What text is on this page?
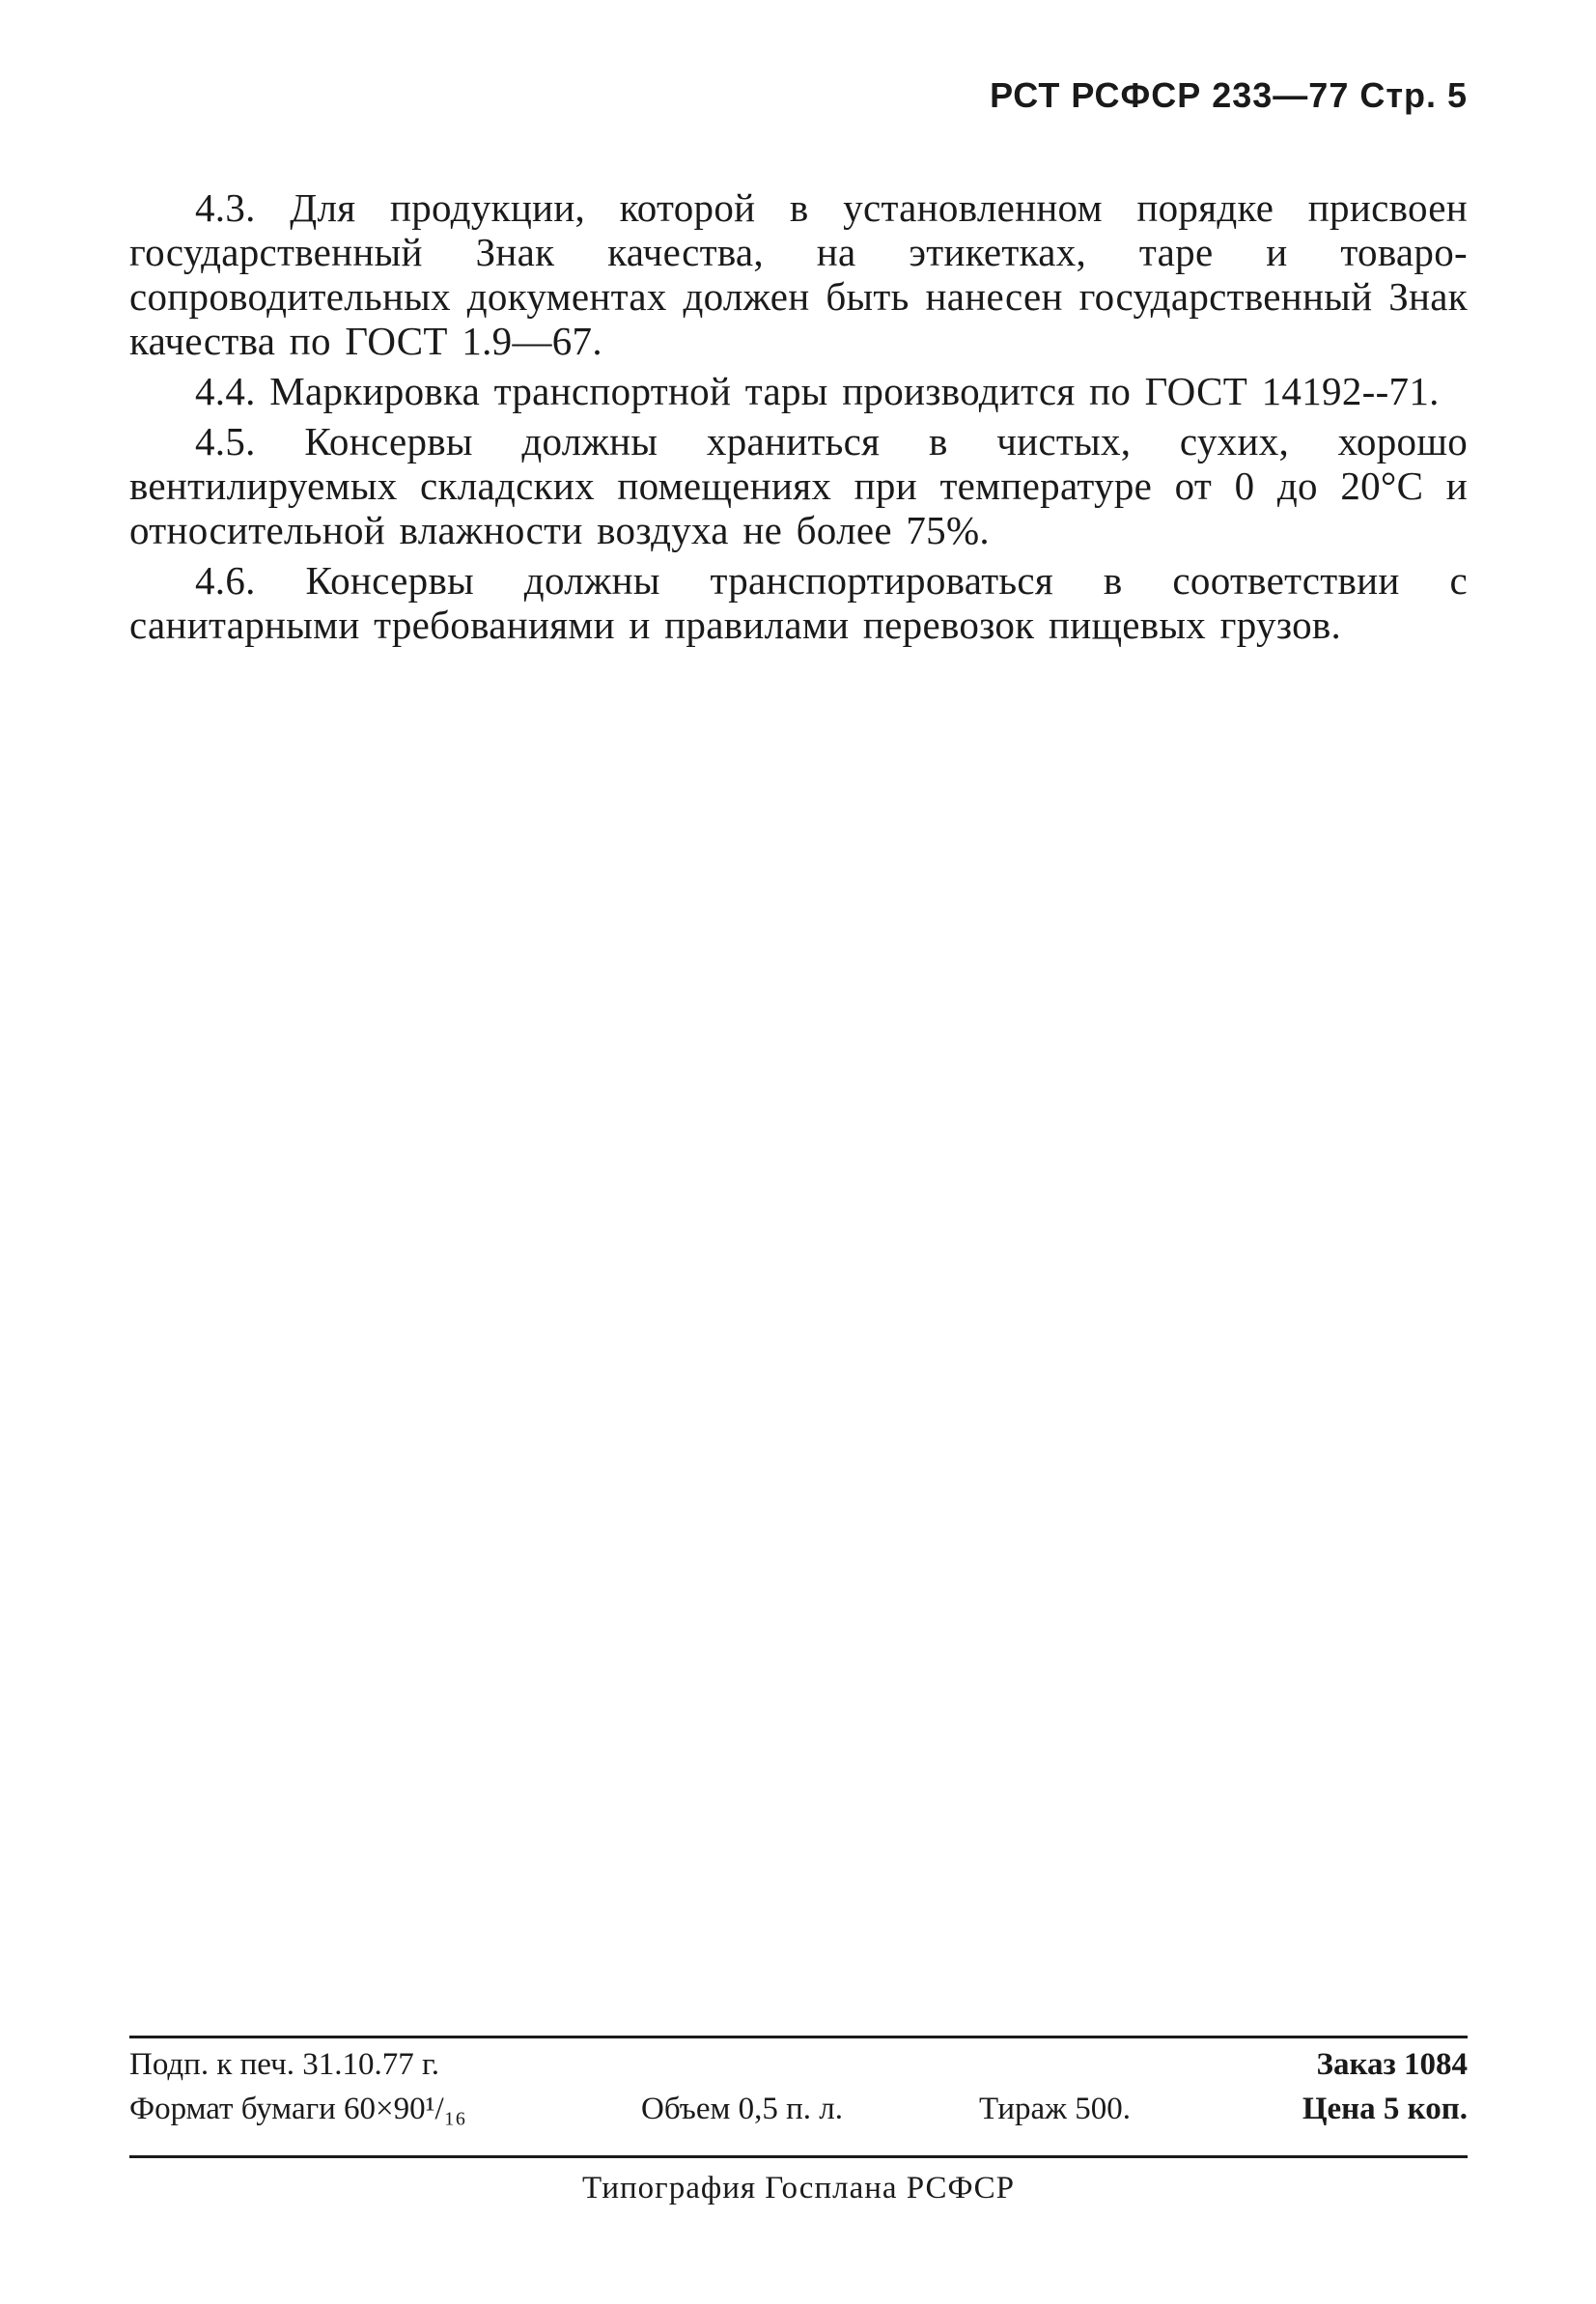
РСТ РСФСР 233—77 Стр. 5

4.3. Для продукции, которой в установленном порядке присвоен государственный Знак качества, на этикетках, таре и товаро-сопроводительных документах должен быть нанесен государственный Знак качества по ГОСТ 1.9—67.

4.4. Маркировка транспортной тары производится по ГОСТ 14192--71.

4.5. Консервы должны храниться в чистых, сухих, хорошо вентилируемых складских помещениях при температуре от 0 до 20°С и относительной влажности воздуха не более 75%.

4.6. Консервы должны транспортироваться в соответствии с санитарными требованиями и правилами перевозок пищевых грузов.

Подп. к печ. 31.10.77 г.	Заказ 1084
Формат бумаги 60×90¹/₁₆	Объем 0,5 п. л.	Тираж 500.	Цена 5 коп.
Типография Госплана РСФСР
